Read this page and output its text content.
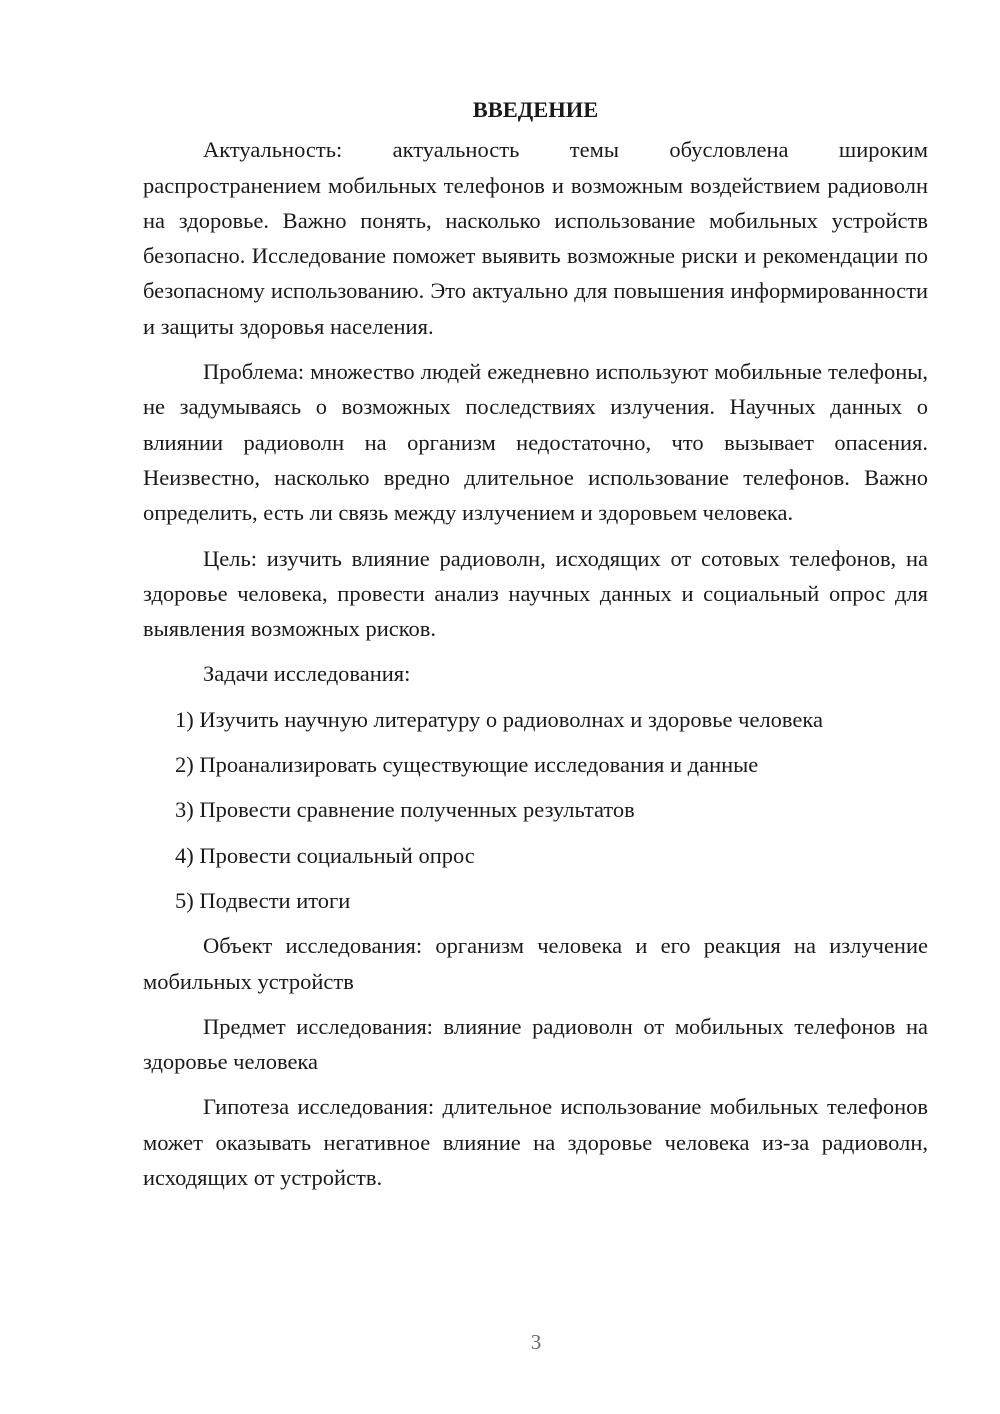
ВВЕДЕНИЕ

Актуальность: актуальность темы обусловлена широким распространением мобильных телефонов и возможным воздействием радиоволн на здоровье. Важно понять, насколько использование мобильных устройств безопасно. Исследование поможет выявить возможные риски и рекомендации по безопасному использованию. Это актуально для повышения информированности и защиты здоровья населения.

Проблема: множество людей ежедневно используют мобильные телефоны, не задумываясь о возможных последствиях излучения. Научных данных о влиянии радиоволн на организм недостаточно, что вызывает опасения. Неизвестно, насколько вредно длительное использование телефонов. Важно определить, есть ли связь между излучением и здоровьем человека.

Цель: изучить влияние радиоволн, исходящих от сотовых телефонов, на здоровье человека, провести анализ научных данных и социальный опрос для выявления возможных рисков.

Задачи исследования:

1) Изучить научную литературу о радиоволнах и здоровье человека
2) Проанализировать существующие исследования и данные
3) Провести сравнение полученных результатов
4) Провести социальный опрос
5) Подвести итоги

Объект исследования: организм человека и его реакция на излучение мобильных устройств

Предмет исследования: влияние радиоволн от мобильных телефонов на здоровье человека

Гипотеза исследования: длительное использование мобильных телефонов может оказывать негативное влияние на здоровье человека из-за радиоволн, исходящих от устройств.

3
